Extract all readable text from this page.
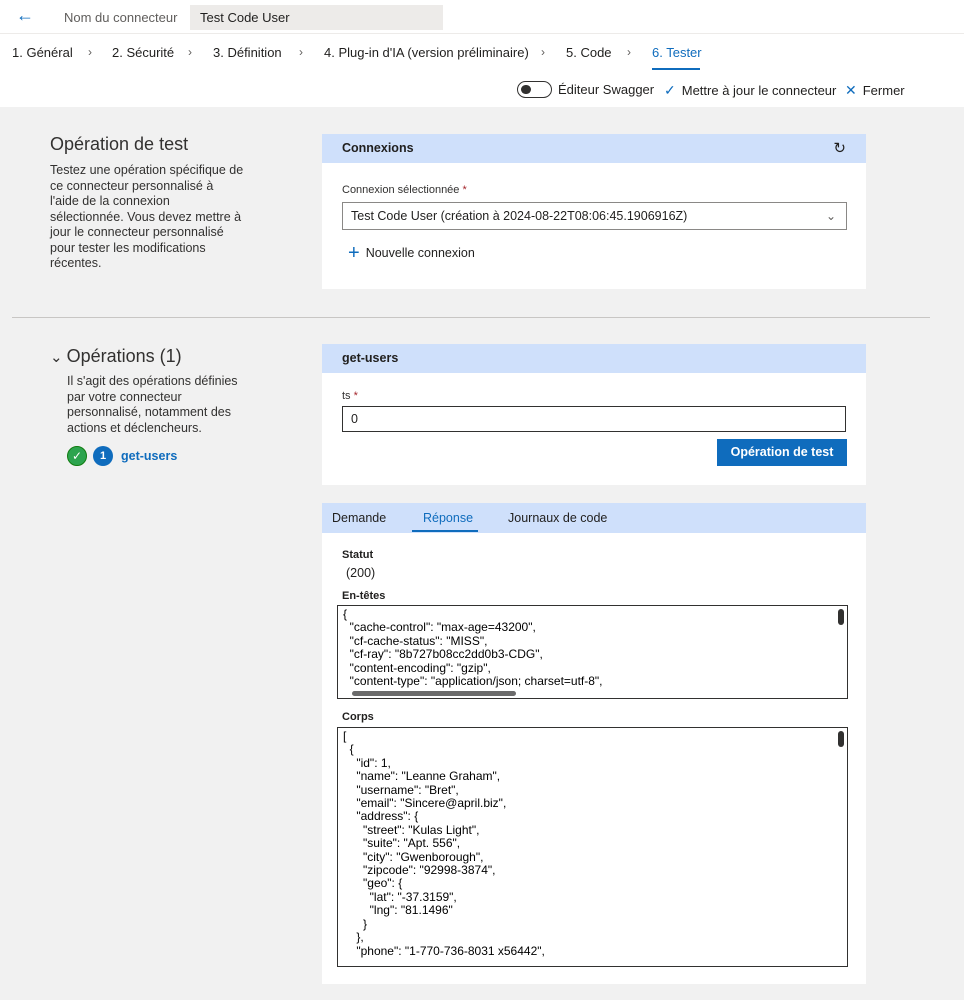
← Nom du connecteur	Test Code User
1. Général › 2. Sécurité › 3. Définition › 4. Plug-in d'IA (version préliminaire) › 5. Code › 6. Tester
Éditeur Swagger ✓ Mettre à jour le connecteur ✕ Fermer
Opération de test
Testez une opération spécifique de
ce connecteur personnalisé à
l'aide de la connexion
sélectionnée. Vous devez mettre à
jour le connecteur personnalisé
pour tester les modifications
récentes.
Connexions	↻
Connexion sélectionnée *
Test Code User (création à 2024-08-22T08:06:45.1906916Z)	⌄
+ Nouvelle connexion
⌄ Opérations (1)
Il s'agit des opérations définies
par votre connecteur
personnalisé, notamment des
actions et déclencheurs.
✓ 1 get-users
get-users
ts *
0
Opération de test
Demande	Réponse	Journaux de code
Statut
(200)
En-têtes
{
"cache-control": "max-age=43200",
"cf-cache-status": "MISS",
"cf-ray": "8b727b08cc2dd0b3-CDG",
"content-encoding": "gzip",
"content-type": "application/json; charset=utf-8",
Corps
[
{
"id": 1,
"name": "Leanne Graham",
"username": "Bret",
"email": "Sincere@april.biz",
"address": {
"street": "Kulas Light",
"suite": "Apt. 556",
"city": "Gwenborough",
"zipcode": "92998-3874",
"geo": {
"lat": "-37.3159",
"lng": "81.1496"
}
},
"phone": "1-770-736-8031 x56442",
